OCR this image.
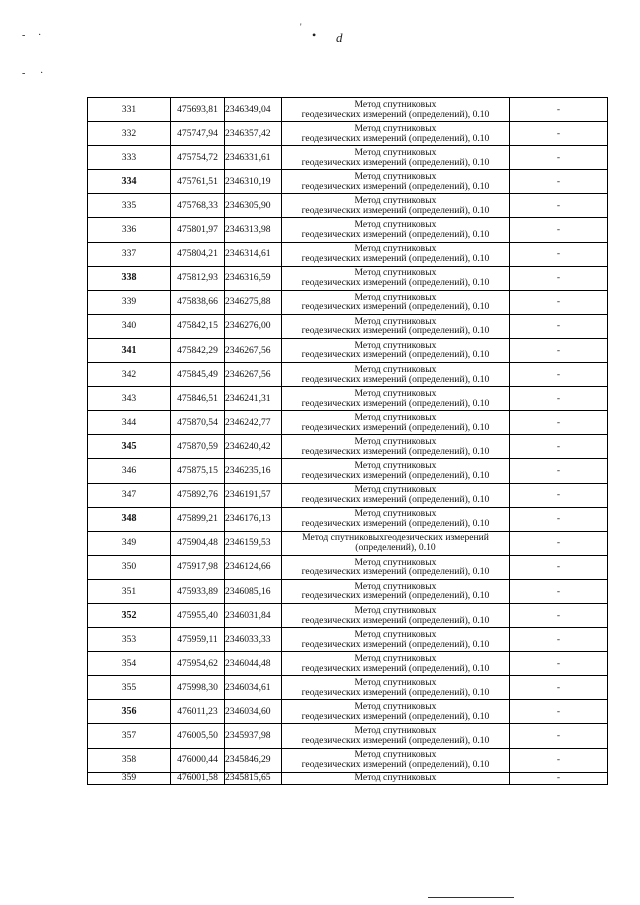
- ·
- ·
'
• d
331	475693,81	2346349,04	Метод спутниковых
геодезических измерений (определений), 0.10	-
332	475747,94	2346357,42	Метод спутниковых
геодезических измерений (определений), 0.10	-
333	475754,72	2346331,61	Метод спутниковых
геодезических измерений (определений), 0.10	-
334	475761,51	2346310,19	Метод спутниковых
геодезических измерений (определений), 0.10	-
335	475768,33	2346305,90	Метод спутниковых
геодезических измерений (определений), 0.10	-
336	475801,97	2346313,98	Метод спутниковых
геодезических измерений (определений), 0.10	-
337	475804,21	2346314,61	Метод спутниковых
геодезических измерений (определений), 0.10	-
338	475812,93	2346316,59	Метод спутниковых
геодезических измерений (определений), 0.10	-
339	475838,66	2346275,88	Метод спутниковых
геодезических измерений (определений), 0.10	-
340	475842,15	2346276,00	Метод спутниковых
геодезических измерений (определений), 0.10	-
341	475842,29	2346267,56	Метод спутниковых
геодезических измерений (определений), 0.10	-
342	475845,49	2346267,56	Метод спутниковых
геодезических измерений (определений), 0.10	-
343	475846,51	2346241,31	Метод спутниковых
геодезических измерений (определений), 0.10	-
344	475870,54	2346242,77	Метод спутниковых
геодезических измерений (определений), 0.10	-
345	475870,59	2346240,42	Метод спутниковых
геодезических измерений (определений), 0.10	-
346	475875,15	2346235,16	Метод спутниковых
геодезических измерений (определений), 0.10	-
347	475892,76	2346191,57	Метод спутниковых
геодезических измерений (определений), 0.10	-
348	475899,21	2346176,13	Метод спутниковых
геодезических измерений (определений), 0.10	-
349	475904,48	2346159,53	Метод спутниковыхгеодезических измерений
(определений), 0.10	-
350	475917,98	2346124,66	Метод спутниковых
геодезических измерений (определений), 0.10	-
351	475933,89	2346085,16	Метод спутниковых
геодезических измерений (определений), 0.10	-
352	475955,40	2346031,84	Метод спутниковых
геодезических измерений (определений), 0.10	-
353	475959,11	2346033,33	Метод спутниковых
геодезических измерений (определений), 0.10	-
354	475954,62	2346044,48	Метод спутниковых
геодезических измерений (определений), 0.10	-
355	475998,30	2346034,61	Метод спутниковых
геодезических измерений (определений), 0.10	-
356	476011,23	2346034,60	Метод спутниковых
геодезических измерений (определений), 0.10	-
357	476005,50	2345937,98	Метод спутниковых
геодезических измерений (определений), 0.10	-
358	476000,44	2345846,29	Метод спутниковых
геодезических измерений (определений), 0.10	-
359	476001,58	2345815,65	Метод спутниковых	-
